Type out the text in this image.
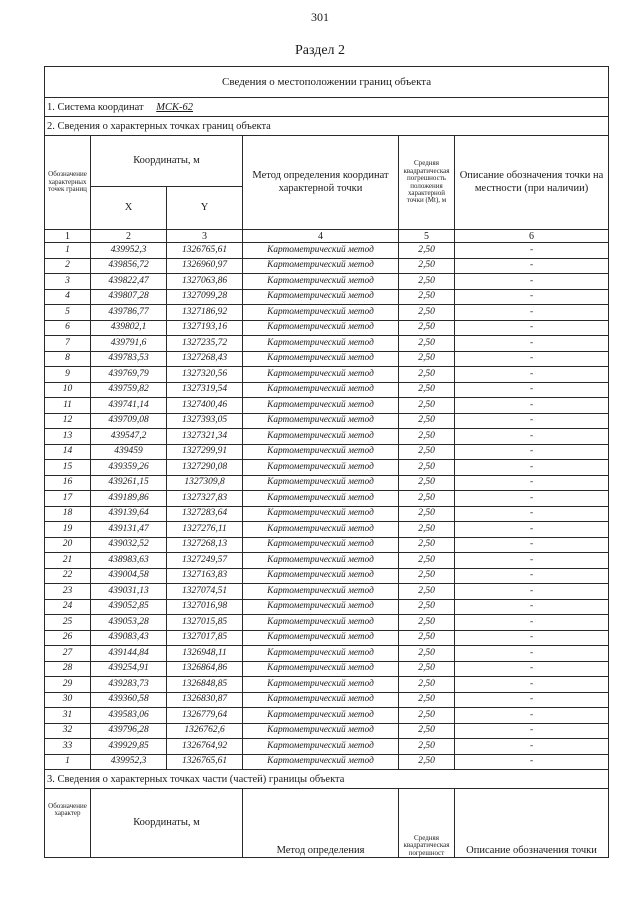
301
Раздел 2
Сведения о местоположении границ объекта					
1. Система координат МСК-62					
2. Сведения о характерных точках границ объекта					
Обозначение характерных точек границ	Координаты, м		Метод определения координат характерной точки	Средняя квадратическая погрешность положения характерной точки (Mt), м	Описание обозначения точки на местности (при наличии)
	X	Y			
1	2	3	4	5	6
1	439952,3	1326765,61	Картометрический метод	2,50	-
2	439856,72	1326960,97	Картометрический метод	2,50	-
3	439822,47	1327063,86	Картометрический метод	2,50	-
4	439807,28	1327099,28	Картометрический метод	2,50	-
5	439786,77	1327186,92	Картометрический метод	2,50	-
6	439802,1	1327193,16	Картометрический метод	2,50	-
7	439791,6	1327235,72	Картометрический метод	2,50	-
8	439783,53	1327268,43	Картометрический метод	2,50	-
9	439769,79	1327320,56	Картометрический метод	2,50	-
10	439759,82	1327319,54	Картометрический метод	2,50	-
11	439741,14	1327400,46	Картометрический метод	2,50	-
12	439709,08	1327393,05	Картометрический метод	2,50	-
13	439547,2	1327321,34	Картометрический метод	2,50	-
14	439459	1327299,91	Картометрический метод	2,50	-
15	439359,26	1327290,08	Картометрический метод	2,50	-
16	439261,15	1327309,8	Картометрический метод	2,50	-
17	439189,86	1327327,83	Картометрический метод	2,50	-
18	439139,64	1327283,64	Картометрический метод	2,50	-
19	439131,47	1327276,11	Картометрический метод	2,50	-
20	439032,52	1327268,13	Картометрический метод	2,50	-
21	438983,63	1327249,57	Картометрический метод	2,50	-
22	439004,58	1327163,83	Картометрический метод	2,50	-
23	439031,13	1327074,51	Картометрический метод	2,50	-
24	439052,85	1327016,98	Картометрический метод	2,50	-
25	439053,28	1327015,85	Картометрический метод	2,50	-
26	439083,43	1327017,85	Картометрический метод	2,50	-
27	439144,84	1326948,11	Картометрический метод	2,50	-
28	439254,91	1326864,86	Картометрический метод	2,50	-
29	439283,73	1326848,85	Картометрический метод	2,50	-
30	439360,58	1326830,87	Картометрический метод	2,50	-
31	439583,06	1326779,64	Картометрический метод	2,50	-
32	439796,28	1326762,6	Картометрический метод	2,50	-
33	439929,85	1326764,92	Картометрический метод	2,50	-
1	439952,3	1326765,61	Картометрический метод	2,50	-
3. Сведения о характерных точках части (частей) границы объекта					
Обозначение характер	Координаты, м		Метод определения	Средняя квадратическая погрешност	Описание обозначения точки
